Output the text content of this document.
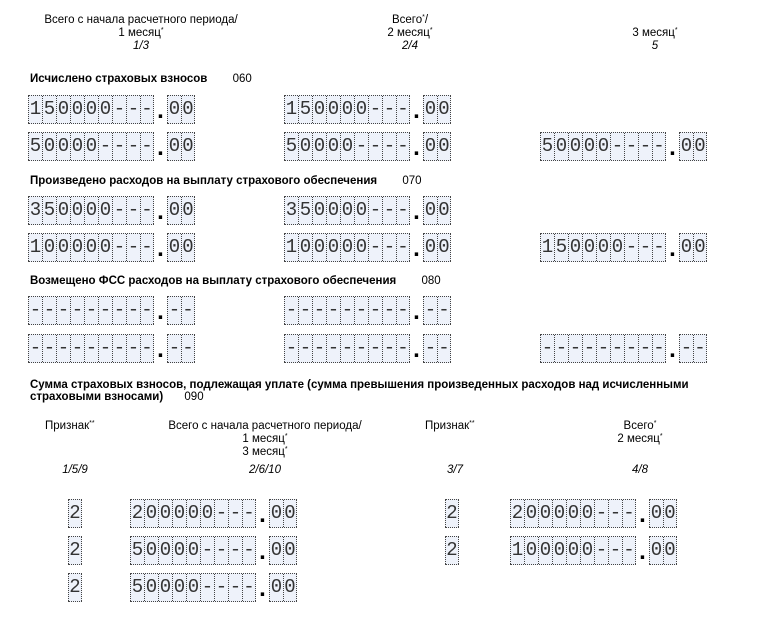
Всего с начала расчетного периода/
1 месяц*
1/3
Всего*/
2 месяц*
2/4
3 месяц*
5
Исчислено страховых взносов 060
1 5 0 0 0 0 - - - . 0 0	1 5 0 0 0 0 - - - . 0 0
5 0 0 0 0 - - - - . 0 0	5 0 0 0 0 - - - - . 0 0	5 0 0 0 0 - - - - . 0 0
Произведено расходов на выплату страхового обеспечения 070
3 5 0 0 0 0 - - - . 0 0	3 5 0 0 0 0 - - - . 0 0
1 0 0 0 0 0 - - - . 0 0	1 0 0 0 0 0 - - - . 0 0	1 5 0 0 0 0 - - - . 0 0
Возмещено ФСС расходов на выплату страхового обеспечения 080
- - - - - - - - - . - -	- - - - - - - - - . - -
- - - - - - - - - . - -	- - - - - - - - - . - -	- - - - - - - - - . - -
Сумма страховых взносов, подлежащая уплате (сумма превышения произведенных расходов над исчисленными
страховыми взносами) 090
Признак**	Всего с начала расчетного периода/
1 месяц*
3 месяц*
Признак**	Всего*
2 месяц*
1/5/9	2/6/10	3/7	4/8
2	2 0 0 0 0 0 - - - . 0 0	2	2 0 0 0 0 0 - - - . 0 0
2	5 0 0 0 0 - - - - . 0 0	2	1 0 0 0 0 0 - - - . 0 0
2	5 0 0 0 0 - - - - . 0 0
